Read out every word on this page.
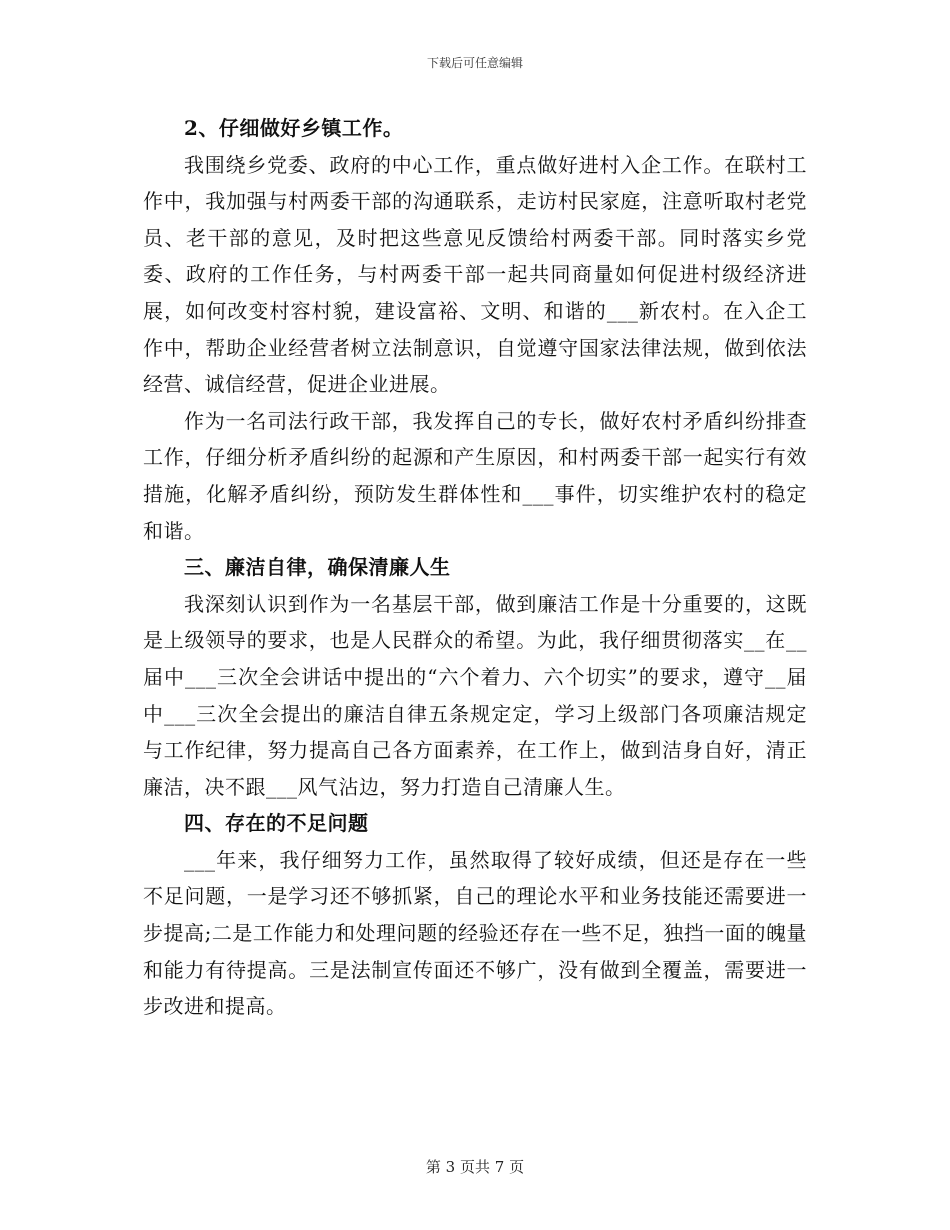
下载后可任意编辑

2、仔细做好乡镇工作。

我围绕乡党委、政府的中心工作，重点做好进村入企工作。在联村工作中，我加强与村两委干部的沟通联系，走访村民家庭，注意听取村老党员、老干部的意见，及时把这些意见反馈给村两委干部。同时落实乡党委、政府的工作任务，与村两委干部一起共同商量如何促进村级经济进展，如何改变村容村貌，建设富裕、文明、和谐的___新农村。在入企工作中，帮助企业经营者树立法制意识，自觉遵守国家法律法规，做到依法经营、诚信经营，促进企业进展。

作为一名司法行政干部，我发挥自己的专长，做好农村矛盾纠纷排查工作，仔细分析矛盾纠纷的起源和产生原因，和村两委干部一起实行有效措施，化解矛盾纠纷，预防发生群体性和___事件，切实维护农村的稳定和谐。

三、廉洁自律，确保清廉人生

我深刻认识到作为一名基层干部，做到廉洁工作是十分重要的，这既是上级领导的要求，也是人民群众的希望。为此，我仔细贯彻落实__在__届中___三次全会讲话中提出的“六个着力、六个切实”的要求，遵守__届中___三次全会提出的廉洁自律五条规定定，学习上级部门各项廉洁规定与工作纪律，努力提高自己各方面素养，在工作上，做到洁身自好，清正廉洁，决不跟___风气沾边，努力打造自己清廉人生。

四、存在的不足问题

___年来，我仔细努力工作，虽然取得了较好成绩，但还是存在一些不足问题，一是学习还不够抓紧，自己的理论水平和业务技能还需要进一步提高;二是工作能力和处理问题的经验还存在一些不足，独挡一面的魄量和能力有待提高。三是法制宣传面还不够广，没有做到全覆盖，需要进一步改进和提高。

第 3 页共 7 页
